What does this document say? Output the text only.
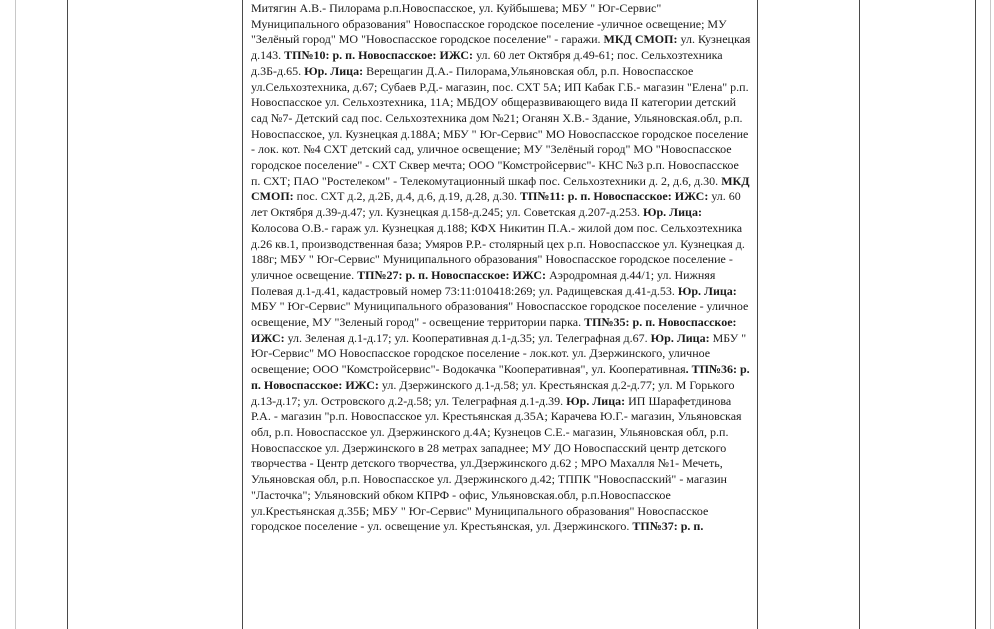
Митягин А.В.- Пилорама р.п.Новоспасское, ул. Куйбышева; МБУ " Юг-Сервис" Муниципального образования" Новоспасское городское поселение -уличное освещение; МУ "Зелёный город" МО "Новоспасское городское поселение" - гаражи. МКД СМОП: ул. Кузнецкая д.143. ТП№10: р. п. Новоспасское: ИЖС: ул. 60 лет Октября д.49-61; пос. Сельхозтехника д.3Б-д.65. Юр. Лица: Верещагин Д.А.- Пилорама,Ульяновская обл, р.п. Новоспасское ул.Сельхозтехника, д.67; Субаев Р.Д.- магазин, пос. СХТ 5А; ИП Кабак Г.Б.- магазин "Елена" р.п. Новоспасское ул. Сельхозтехника, 11А; МБДОУ общеразвивающего вида II категории детский сад №7- Детский сад пос. Сельхозтехника дом №21; Оганян Х.В.- Здание, Ульяновская.обл, р.п. Новоспасское, ул. Кузнецкая д.188А; МБУ " Юг-Сервис" МО Новоспасское городское поселение - лок. кот. №4 СХТ детский сад, уличное освещение; МУ "Зелёный город" МО "Новоспасское городское поселение" - СХТ Сквер мечта; ООО "Комстройсервис"- КНС №3 р.п. Новоспасское п. СХТ; ПАО "Ростелеком" - Телекомутационный шкаф пос. Сельхозтехники д. 2, д.6, д.30. МКД СМОП: пос. СХТ д.2, д.2Б, д.4, д.6, д.19, д.28, д.30. ТП№11: р. п. Новоспасское: ИЖС: ул. 60 лет Октября д.39-д.47; ул. Кузнецкая д.158-д.245; ул. Советская д.207-д.253. Юр. Лица: Колосова О.В.- гараж ул. Кузнецкая д.188; КФХ Никитин П.А.- жилой дом пос. Сельхозтехника д.26 кв.1, производственная база; Умяров Р.Р.- столярный цех р.п. Новоспасское ул. Кузнецкая д. 188г; МБУ " Юг-Сервис" Муниципального образования" Новоспасское городское поселение - уличное освещение. ТП№27: р. п. Новоспасское: ИЖС: Аэродромная д.44/1; ул. Нижняя Полевая д.1-д.41, кадастровый номер 73:11:010418:269; ул. Радищевская д.41-д.53. Юр. Лица: МБУ " Юг-Сервис" Муниципального образования" Новоспасское городское поселение - уличное освещение, МУ "Зеленый город" - освещение территории парка. ТП№35: р. п. Новоспасское: ИЖС: ул. Зеленая д.1-д.17; ул. Кооперативная д.1-д.35; ул. Телеграфная д.67. Юр. Лица: МБУ " Юг-Сервис" МО Новоспасское городское поселение - лок.кот. ул. Дзержинского, уличное освещение; ООО "Комстройсервис"- Водокачка "Кооперативная", ул. Кооперативная. ТП№36: р. п. Новоспасское: ИЖС: ул. Дзержинского д.1-д.58; ул. Крестьянская д.2-д.77; ул. М Горького д.13-д.17; ул. Островского д.2-д.58; ул. Телеграфная д.1-д.39. Юр. Лица: ИП Шарафетдинова Р.А. - магазин "р.п. Новоспасское ул. Крестьянская д.35А; Карачева Ю.Г.- магазин, Ульяновская обл, р.п. Новоспасское ул. Дзержинского д.4А; Кузнецов С.Е.- магазин, Ульяновская обл, р.п. Новоспасское ул. Дзержинского в 28 метрах западнее; МУ ДО Новоспасский центр детского творчества - Центр детского творчества, ул.Дзержинского д.62 ; МРО Махалля №1- Мечеть, Ульяновская обл, р.п. Новоспасское ул. Дзержинского д.42; ТППК "Новоспасский" - магазин "Ласточка"; Ульяновский обком КПРФ - офис, Ульяновская.обл, р.п.Новоспасское ул.Крестьянская д.35Б; МБУ " Юг-Сервис" Муниципального образования" Новоспасское городское поселение - ул. освещение ул. Крестьянская, ул. Дзержинского. ТП№37: р. п.
